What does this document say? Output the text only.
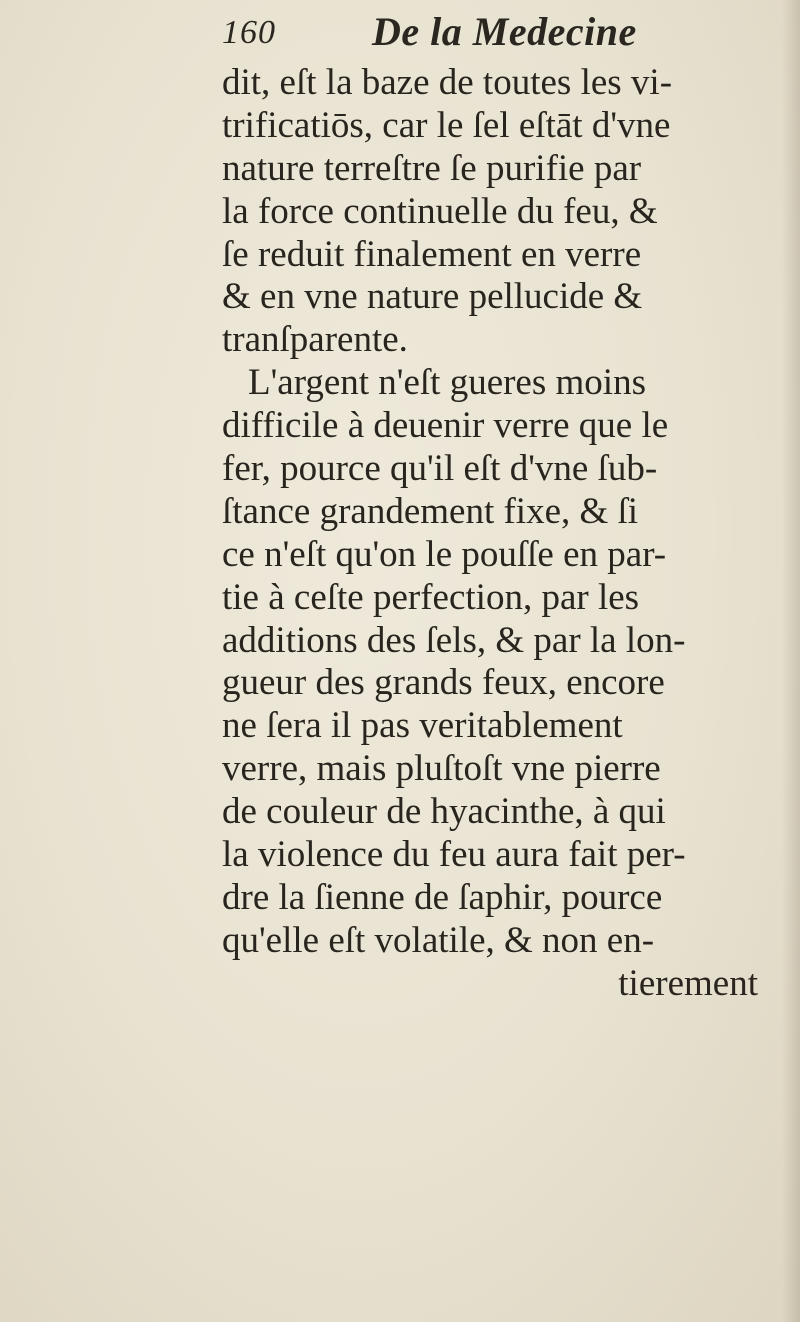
160 De la Medecine
dit, eſt la baze de toutes les vi-
trificatiōs, car le ſel eſtāt d'vne
nature terreſtre ſe purifie par
la force continuelle du feu, &
ſe reduit finalement en verre
& en vne nature pellucide &
tranſparente.
L'argent n'eſt gueres moins
difficile à deuenir verre que le
fer, pource qu'il eſt d'vne ſub-
ſtance grandement fixe, & ſi
ce n'eſt qu'on le pouſſe en par-
tie à ceſte perfection, par les
additions des ſels, & par la lon-
gueur des grands feux, encore
ne ſera il pas veritablement
verre, mais pluſtoſt vne pierre
de couleur de hyacinthe, à qui
la violence du feu aura fait per-
dre la ſienne de ſaphir, pource
qu'elle eſt volatile, & non en-
tierement
